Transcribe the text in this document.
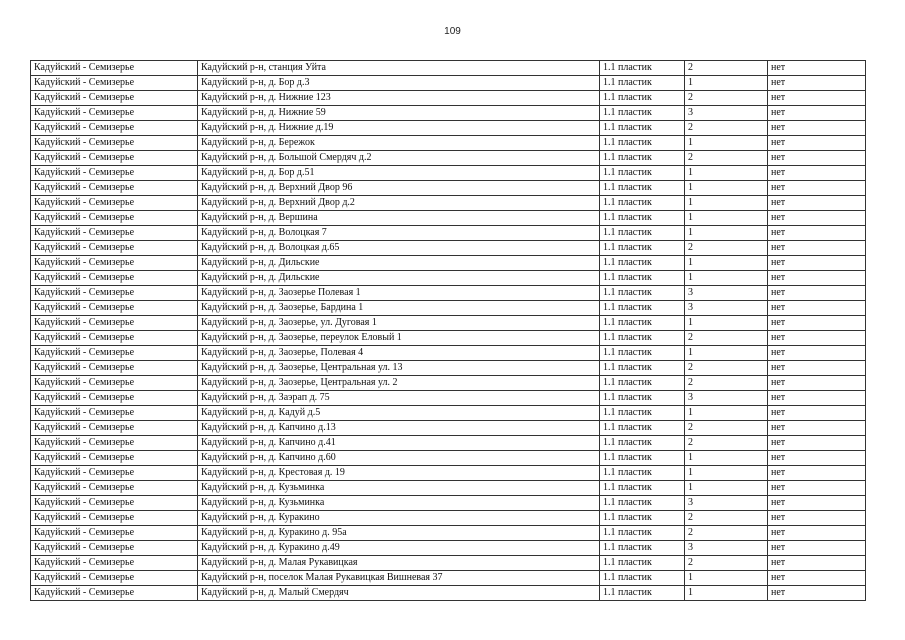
109
Кадуйский - Семизерье	Кадуйский р-н, станция Уйта	1.1 пластик	2	нет
Кадуйский - Семизерье	Кадуйский р-н, д. Бор д.3	1.1 пластик	1	нет
Кадуйский - Семизерье	Кадуйский р-н, д. Нижние 123	1.1 пластик	2	нет
Кадуйский - Семизерье	Кадуйский р-н, д. Нижние 59	1.1 пластик	3	нет
Кадуйский - Семизерье	Кадуйский р-н, д. Нижние д.19	1.1 пластик	2	нет
Кадуйский - Семизерье	Кадуйский р-н, д. Бережок	1.1 пластик	1	нет
Кадуйский - Семизерье	Кадуйский р-н, д. Большой Смердяч д.2	1.1 пластик	2	нет
Кадуйский - Семизерье	Кадуйский р-н, д. Бор д.51	1.1 пластик	1	нет
Кадуйский - Семизерье	Кадуйский р-н, д. Верхний Двор 96	1.1 пластик	1	нет
Кадуйский - Семизерье	Кадуйский р-н, д. Верхний Двор д.2	1.1 пластик	1	нет
Кадуйский - Семизерье	Кадуйский р-н, д. Вершина	1.1 пластик	1	нет
Кадуйский - Семизерье	Кадуйский р-н, д. Волоцкая 7	1.1 пластик	1	нет
Кадуйский - Семизерье	Кадуйский р-н, д. Волоцкая д.65	1.1 пластик	2	нет
Кадуйский - Семизерье	Кадуйский р-н, д. Дильские	1.1 пластик	1	нет
Кадуйский - Семизерье	Кадуйский р-н, д. Дильские	1.1 пластик	1	нет
Кадуйский - Семизерье	Кадуйский р-н, д. Заозерье Полевая 1	1.1 пластик	3	нет
Кадуйский - Семизерье	Кадуйский р-н, д. Заозерье, Бардина 1	1.1 пластик	3	нет
Кадуйский - Семизерье	Кадуйский р-н, д. Заозерье, ул. Дуговая 1	1.1 пластик	1	нет
Кадуйский - Семизерье	Кадуйский р-н, д. Заозерье, переулок Еловый 1	1.1 пластик	2	нет
Кадуйский - Семизерье	Кадуйский р-н, д. Заозерье, Полевая 4	1.1 пластик	1	нет
Кадуйский - Семизерье	Кадуйский р-н, д. Заозерье, Центральная ул. 13	1.1 пластик	2	нет
Кадуйский - Семизерье	Кадуйский р-н, д. Заозерье, Центральная ул. 2	1.1 пластик	2	нет
Кадуйский - Семизерье	Кадуйский р-н, д. Заэрап д. 75	1.1 пластик	3	нет
Кадуйский - Семизерье	Кадуйский р-н, д. Кадуй д.5	1.1 пластик	1	нет
Кадуйский - Семизерье	Кадуйский р-н, д. Капчино д.13	1.1 пластик	2	нет
Кадуйский - Семизерье	Кадуйский р-н, д. Капчино д.41	1.1 пластик	2	нет
Кадуйский - Семизерье	Кадуйский р-н, д. Капчино д.60	1.1 пластик	1	нет
Кадуйский - Семизерье	Кадуйский р-н, д. Крестовая д. 19	1.1 пластик	1	нет
Кадуйский - Семизерье	Кадуйский р-н, д. Кузьминка	1.1 пластик	1	нет
Кадуйский - Семизерье	Кадуйский р-н, д. Кузьминка	1.1 пластик	3	нет
Кадуйский - Семизерье	Кадуйский р-н, д. Куракино	1.1 пластик	2	нет
Кадуйский - Семизерье	Кадуйский р-н, д. Куракино д. 95а	1.1 пластик	2	нет
Кадуйский - Семизерье	Кадуйский р-н, д. Куракино д.49	1.1 пластик	3	нет
Кадуйский - Семизерье	Кадуйский р-н, д. Малая Рукавицкая	1.1 пластик	2	нет
Кадуйский - Семизерье	Кадуйский р-н, поселок Малая Рукавицкая Вишневая 37	1.1 пластик	1	нет
Кадуйский - Семизерье	Кадуйский р-н, д. Малый Смердяч	1.1 пластик	1	нет
